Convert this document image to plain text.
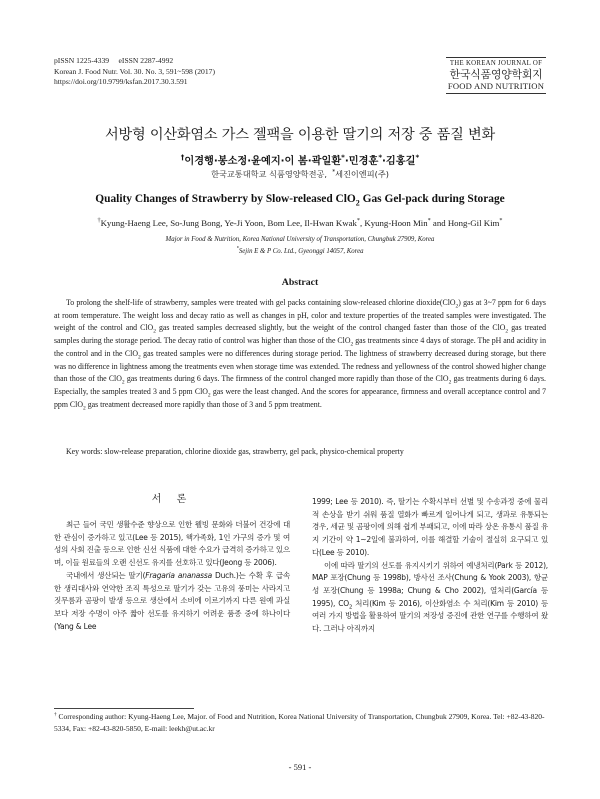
pISSN 1225-4339     eISSN 2287-4992
Korean J. Food Nutr. Vol. 30. No. 3, 591~598 (2017)
https://doi.org/10.9799/ksfan.2017.30.3.591
THE KOREAN JOURNAL OF
한국식품영양학회지
FOOD AND NUTRITION
서방형 이산화염소 가스 젤팩을 이용한 딸기의 저장 중 품질 변화
†이경행·봉소정·윤예지·이 봄·곽일환*·민경훈*·김홍길*
한국교통대학교 식품영양학전공,  *세진이엔피(주)
Quality Changes of Strawberry by Slow-released ClO$_2$ Gas Gel-pack during Storage
†Kyung-Haeng Lee, So-Jung Bong, Ye-Ji Yoon, Bom Lee, Il-Hwan Kwak*, Kyung-Hoon Min* and Hong-Gil Kim*
Major in Food & Nutrition, Korea National University of Transportation, Chungbuk 27909, Korea
*Sejin E & P Co. Ltd., Gyeonggi 14057, Korea
Abstract
To prolong the shelf-life of strawberry, samples were treated with gel packs containing slow-released chlorine dioxide(ClO$_2$) gas at 3~7 ppm for 6 days at room temperature. The weight loss and decay ratio as well as changes in pH, color and texture properties of the treated samples were investigated. The weight of the control and ClO$_2$ gas treated samples decreased slightly, but the weight of the control changed faster than those of the ClO$_2$ gas treated samples during the storage period. The decay ratio of control was higher than those of the ClO$_2$ gas treatments since 4 days of storage. The pH and acidity in the control and in the ClO$_2$ gas treated samples were no differences during storage period. The lightness of strawberry decreased during storage, but there was no difference in lightness among the treatments even when storage time was extended. The redness and yellowness of the control showed higher change than those of the ClO$_2$ gas treatments during 6 days. The firmness of the control changed more rapidly than those of the ClO$_2$ gas treatments during 6 days. Especially, the samples treated 3 and 5 ppm ClO$_2$ gas were the least changed. And the scores for appearance, firmness and overall acceptance control and 7 ppm ClO$_2$ gas treatment decreased more rapidly than those of 3 and 5 ppm treatment.
Key words: slow-release preparation, chlorine dioxide gas, strawberry, gel pack, physico-chemical property
서 론

최근 들어 국민 생활수준 향상으로 인한 웰빙 문화와 더불어 건강에 대한 관심이 증가하고 있고(Lee 등 2015), 핵가족화, 1인 가구의 증가 및 여성의 사회 진출 등으로 인한 신선 식품에 대한 수요가 급격히 증가하고 있으며, 이들 원료들의 오랜 신선도 유지를 선호하고 있다(Jeong 등 2006).

국내에서 생산되는 딸기(Fragaria ananassa Duch.)는 수확 후 급속한 생리대사와 연약한 조직 특성으로 딸기가 갖는 고유의 풍미는 사라지고 짓무름과 곰팡이 발생 등으로 생산에서 소비에 이르기까지 다른 원예 과실보다 저장 수명이 아주 짧아 선도를 유지하기 어려운 품종 중에 하나이다(Yang & Lee

1999; Lee 등 2010). 즉, 딸기는 수확시부터 선별 및 수송과정 중에 물리적 손상을 받기 쉬워 품질 열화가 빠르게 일어나게 되고, 생과로 유통되는 경우, 세균 및 곰팡이에 의해 쉽게 부패되고, 이에 따라 상온 유통시 품질 유지 기간이 약 1~2일에 불과하여, 이를 해결할 기술이 절실히 요구되고 있다(Lee 등 2010).

이에 따라 딸기의 선도를 유지시키기 위하여 예냉처리(Park 등 2012), MAP 포장(Chung 등 1998b), 방사선 조사(Chung & Yook 2003), 항균성 포장(Chung 등 1998a; Chung & Cho 2002), 열처리(García 등 1995), $CO_2$ 처리(Kim 등 2016), 이산화염소 수 처리(Kim 등 2010) 등 여러 가지 방법을 활용하여 딸기의 저장성 증진에 관한 연구를 수행하여 왔다. 그러나 아직까지

† Corresponding author: Kyung-Haeng Lee, Major. of Food and Nutrition, Korea National University of Transportation, Chungbuk 27909, Korea. Tel: +82-43-820-5334, Fax: +82-43-820-5850, E-mail: leekh@ut.ac.kr
- 591 -
